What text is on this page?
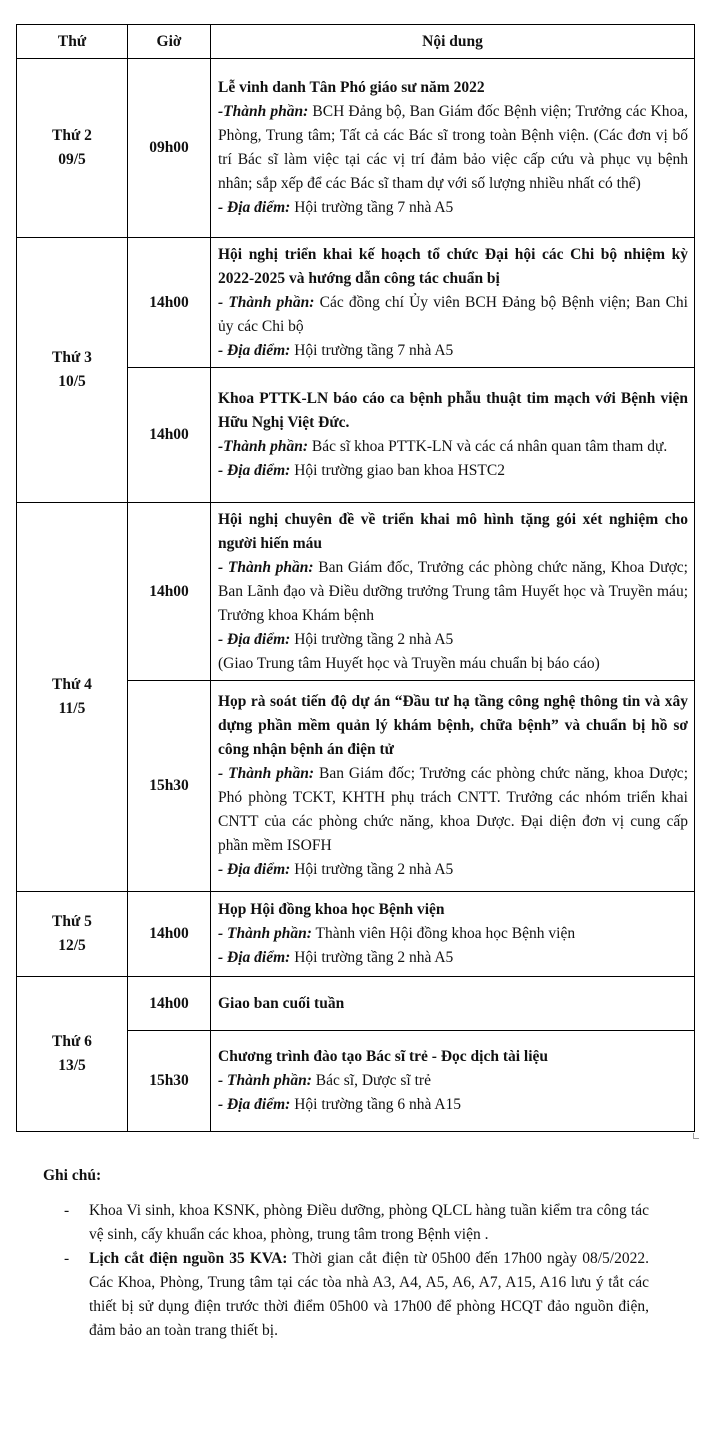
Thứ	Giờ	Nội dung

Thứ 2
09/5	09h00	Lễ vinh danh Tân Phó giáo sư năm 2022
-Thành phần: BCH Đảng bộ, Ban Giám đốc Bệnh viện; Trưởng các Khoa, Phòng, Trung tâm; Tất cả các Bác sĩ trong toàn Bệnh viện. (Các đơn vị bố trí Bác sĩ làm việc tại các vị trí đảm bảo việc cấp cứu và phục vụ bệnh nhân; sắp xếp để các Bác sĩ tham dự với số lượng nhiều nhất có thể)
- Địa điểm: Hội trường tầng 7 nhà A5

Thứ 3
10/5	14h00	Hội nghị triển khai kế hoạch tổ chức Đại hội các Chi bộ nhiệm kỳ 2022-2025 và hướng dẫn công tác chuẩn bị
- Thành phần: Các đồng chí Ủy viên BCH Đảng bộ Bệnh viện; Ban Chi ủy các Chi bộ
- Địa điểm: Hội trường tầng 7 nhà A5

	14h00	Khoa PTTK-LN báo cáo ca bệnh phẫu thuật tim mạch với Bệnh viện Hữu Nghị Việt Đức.
-Thành phần: Bác sĩ khoa PTTK-LN và các cá nhân quan tâm tham dự.
- Địa điểm: Hội trường giao ban khoa HSTC2

Thứ 4
11/5	14h00	Hội nghị chuyên đề về triển khai mô hình tặng gói xét nghiệm cho người hiến máu
- Thành phần: Ban Giám đốc, Trưởng các phòng chức năng, Khoa Dược; Ban Lãnh đạo và Điều dưỡng trưởng Trung tâm Huyết học và Truyền máu; Trưởng khoa Khám bệnh
- Địa điểm: Hội trường tầng 2 nhà A5
(Giao Trung tâm Huyết học và Truyền máu chuẩn bị báo cáo)

	15h30	Họp rà soát tiến độ dự án “Đầu tư hạ tầng công nghệ thông tin và xây dựng phần mềm quản lý khám bệnh, chữa bệnh” và chuẩn bị hồ sơ công nhận bệnh án điện tử
- Thành phần: Ban Giám đốc; Trưởng các phòng chức năng, khoa Dược; Phó phòng TCKT, KHTH phụ trách CNTT. Trưởng các nhóm triển khai CNTT của các phòng chức năng, khoa Dược. Đại diện đơn vị cung cấp phần mềm ISOFH
- Địa điểm: Hội trường tầng 2 nhà A5

Thứ 5
12/5	14h00	Họp Hội đồng khoa học Bệnh viện
- Thành phần: Thành viên Hội đồng khoa học Bệnh viện
- Địa điểm: Hội trường tầng 2 nhà A5

Thứ 6
13/5	14h00	Giao ban cuối tuần

	15h30	Chương trình đào tạo Bác sĩ trẻ - Đọc dịch tài liệu
- Thành phần: Bác sĩ, Dược sĩ trẻ
- Địa điểm: Hội trường tầng 6 nhà A15
Ghi chú:
- Khoa Vi sinh, khoa KSNK, phòng Điều dưỡng, phòng QLCL hàng tuần kiểm tra công tác vệ sinh, cấy khuẩn các khoa, phòng, trung tâm trong Bệnh viện .
- Lịch cắt điện nguồn 35 KVA: Thời gian cắt điện từ 05h00 đến 17h00 ngày 08/5/2022. Các Khoa, Phòng, Trung tâm tại các tòa nhà A3, A4, A5, A6, A7, A15, A16 lưu ý tắt các thiết bị sử dụng điện trước thời điểm 05h00 và 17h00 để phòng HCQT đảo nguồn điện, đảm bảo an toàn trang thiết bị.
